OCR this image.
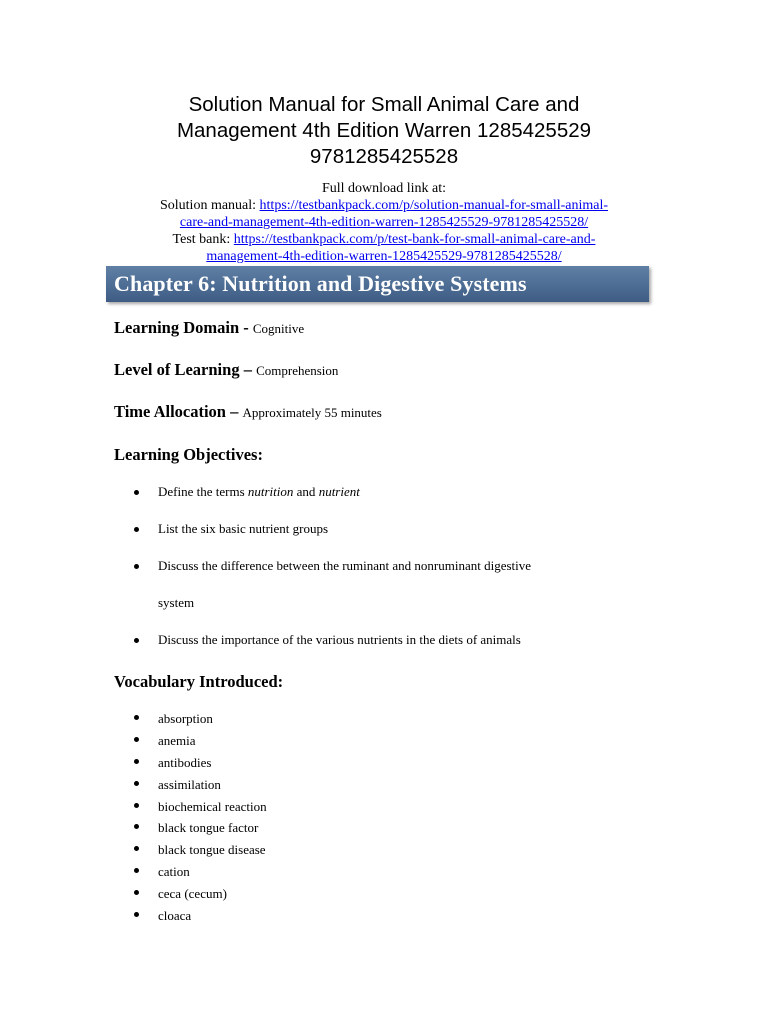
Solution Manual for Small Animal Care and
Management 4th Edition Warren 1285425529
9781285425528
Full download link at:
Solution manual: https://testbankpack.com/p/solution-manual-for-small-animal-
care-and-management-4th-edition-warren-1285425529-9781285425528/
Test bank: https://testbankpack.com/p/test-bank-for-small-animal-care-and-
management-4th-edition-warren-1285425529-9781285425528/
Chapter 6: Nutrition and Digestive Systems
Learning Domain - Cognitive
Level of Learning – Comprehension
Time Allocation – Approximately 55 minutes
Learning Objectives:
Define the terms nutrition and nutrient
List the six basic nutrient groups
Discuss the difference between the ruminant and nonruminant digestive
system
Discuss the importance of the various nutrients in the diets of animals
Vocabulary Introduced:
absorption
anemia
antibodies
assimilation
biochemical reaction
black tongue factor
black tongue disease
cation
ceca (cecum)
cloaca
